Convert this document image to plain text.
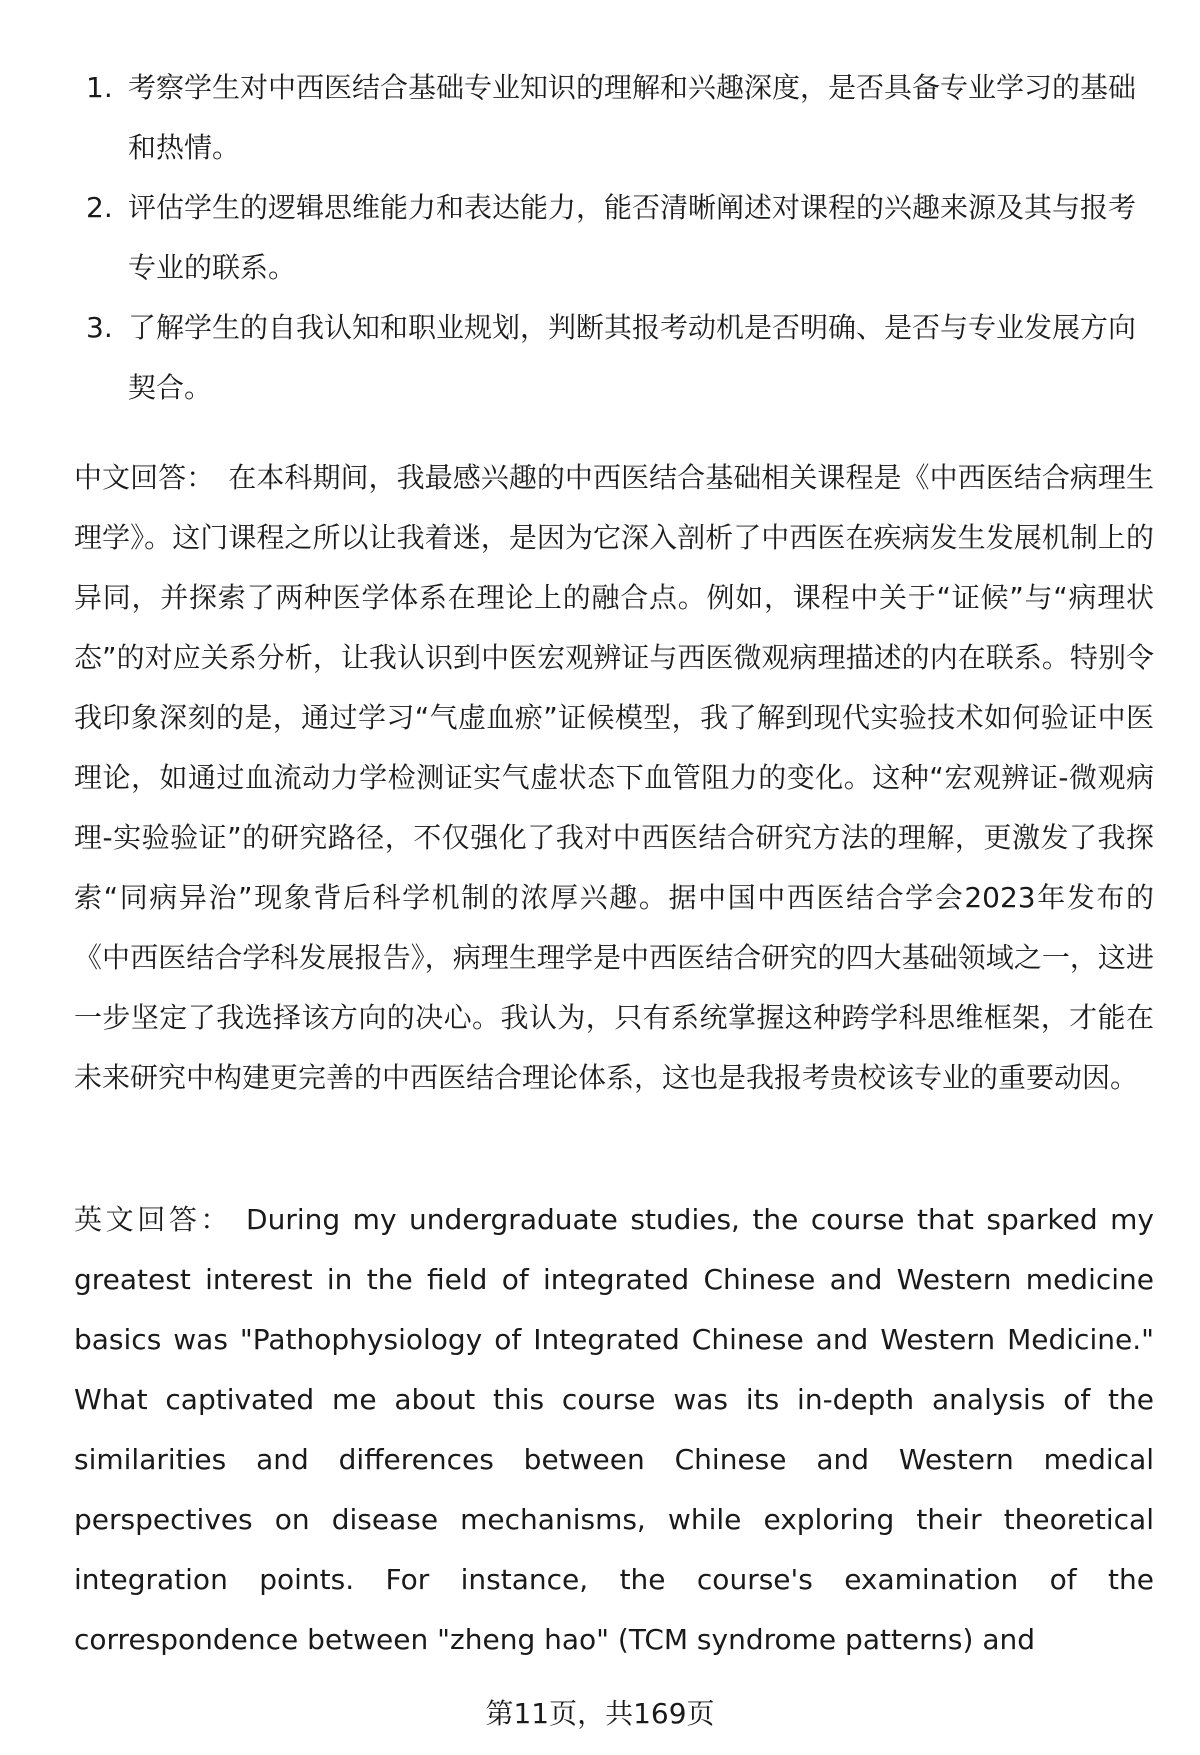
1. 考察学生对中西医结合基础专业知识的理解和兴趣深度，是否具备专业学习的基础和热情。
2. 评估学生的逻辑思维能力和表达能力，能否清晰阐述对课程的兴趣来源及其与报考专业的联系。
3. 了解学生的自我认知和职业规划，判断其报考动机是否明确、是否与专业发展方向契合。

中文回答： 在本科期间，我最感兴趣的中西医结合基础相关课程是《中西医结合病理生理学》。这门课程之所以让我着迷，是因为它深入剖析了中西医在疾病发生发展机制上的异同，并探索了两种医学体系在理论上的融合点。例如，课程中关于“证候”与“病理状态”的对应关系分析，让我认识到中医宏观辨证与西医微观病理描述的内在联系。特别令我印象深刻的是，通过学习“气虚血瘀”证候模型，我了解到现代实验技术如何验证中医理论，如通过血流动力学检测证实气虚状态下血管阻力的变化。这种“宏观辨证-微观病理-实验验证”的研究路径，不仅强化了我对中西医结合研究方法的理解，更激发了我探索“同病异治”现象背后科学机制的浓厚兴趣。据中国中西医结合学会2023年发布的《中西医结合学科发展报告》，病理生理学是中西医结合研究的四大基础领域之一，这进一步坚定了我选择该方向的决心。我认为，只有系统掌握这种跨学科思维框架，才能在未来研究中构建更完善的中西医结合理论体系，这也是我报考贵校该专业的重要动因。

英文回答： During my undergraduate studies, the course that sparked my greatest interest in the field of integrated Chinese and Western medicine basics was "Pathophysiology of Integrated Chinese and Western Medicine." What captivated me about this course was its in-depth analysis of the similarities and differences between Chinese and Western medical perspectives on disease mechanisms, while exploring their theoretical integration points. For instance, the course's examination of the correspondence between "zheng hao" (TCM syndrome patterns) and

第11页，共169页
